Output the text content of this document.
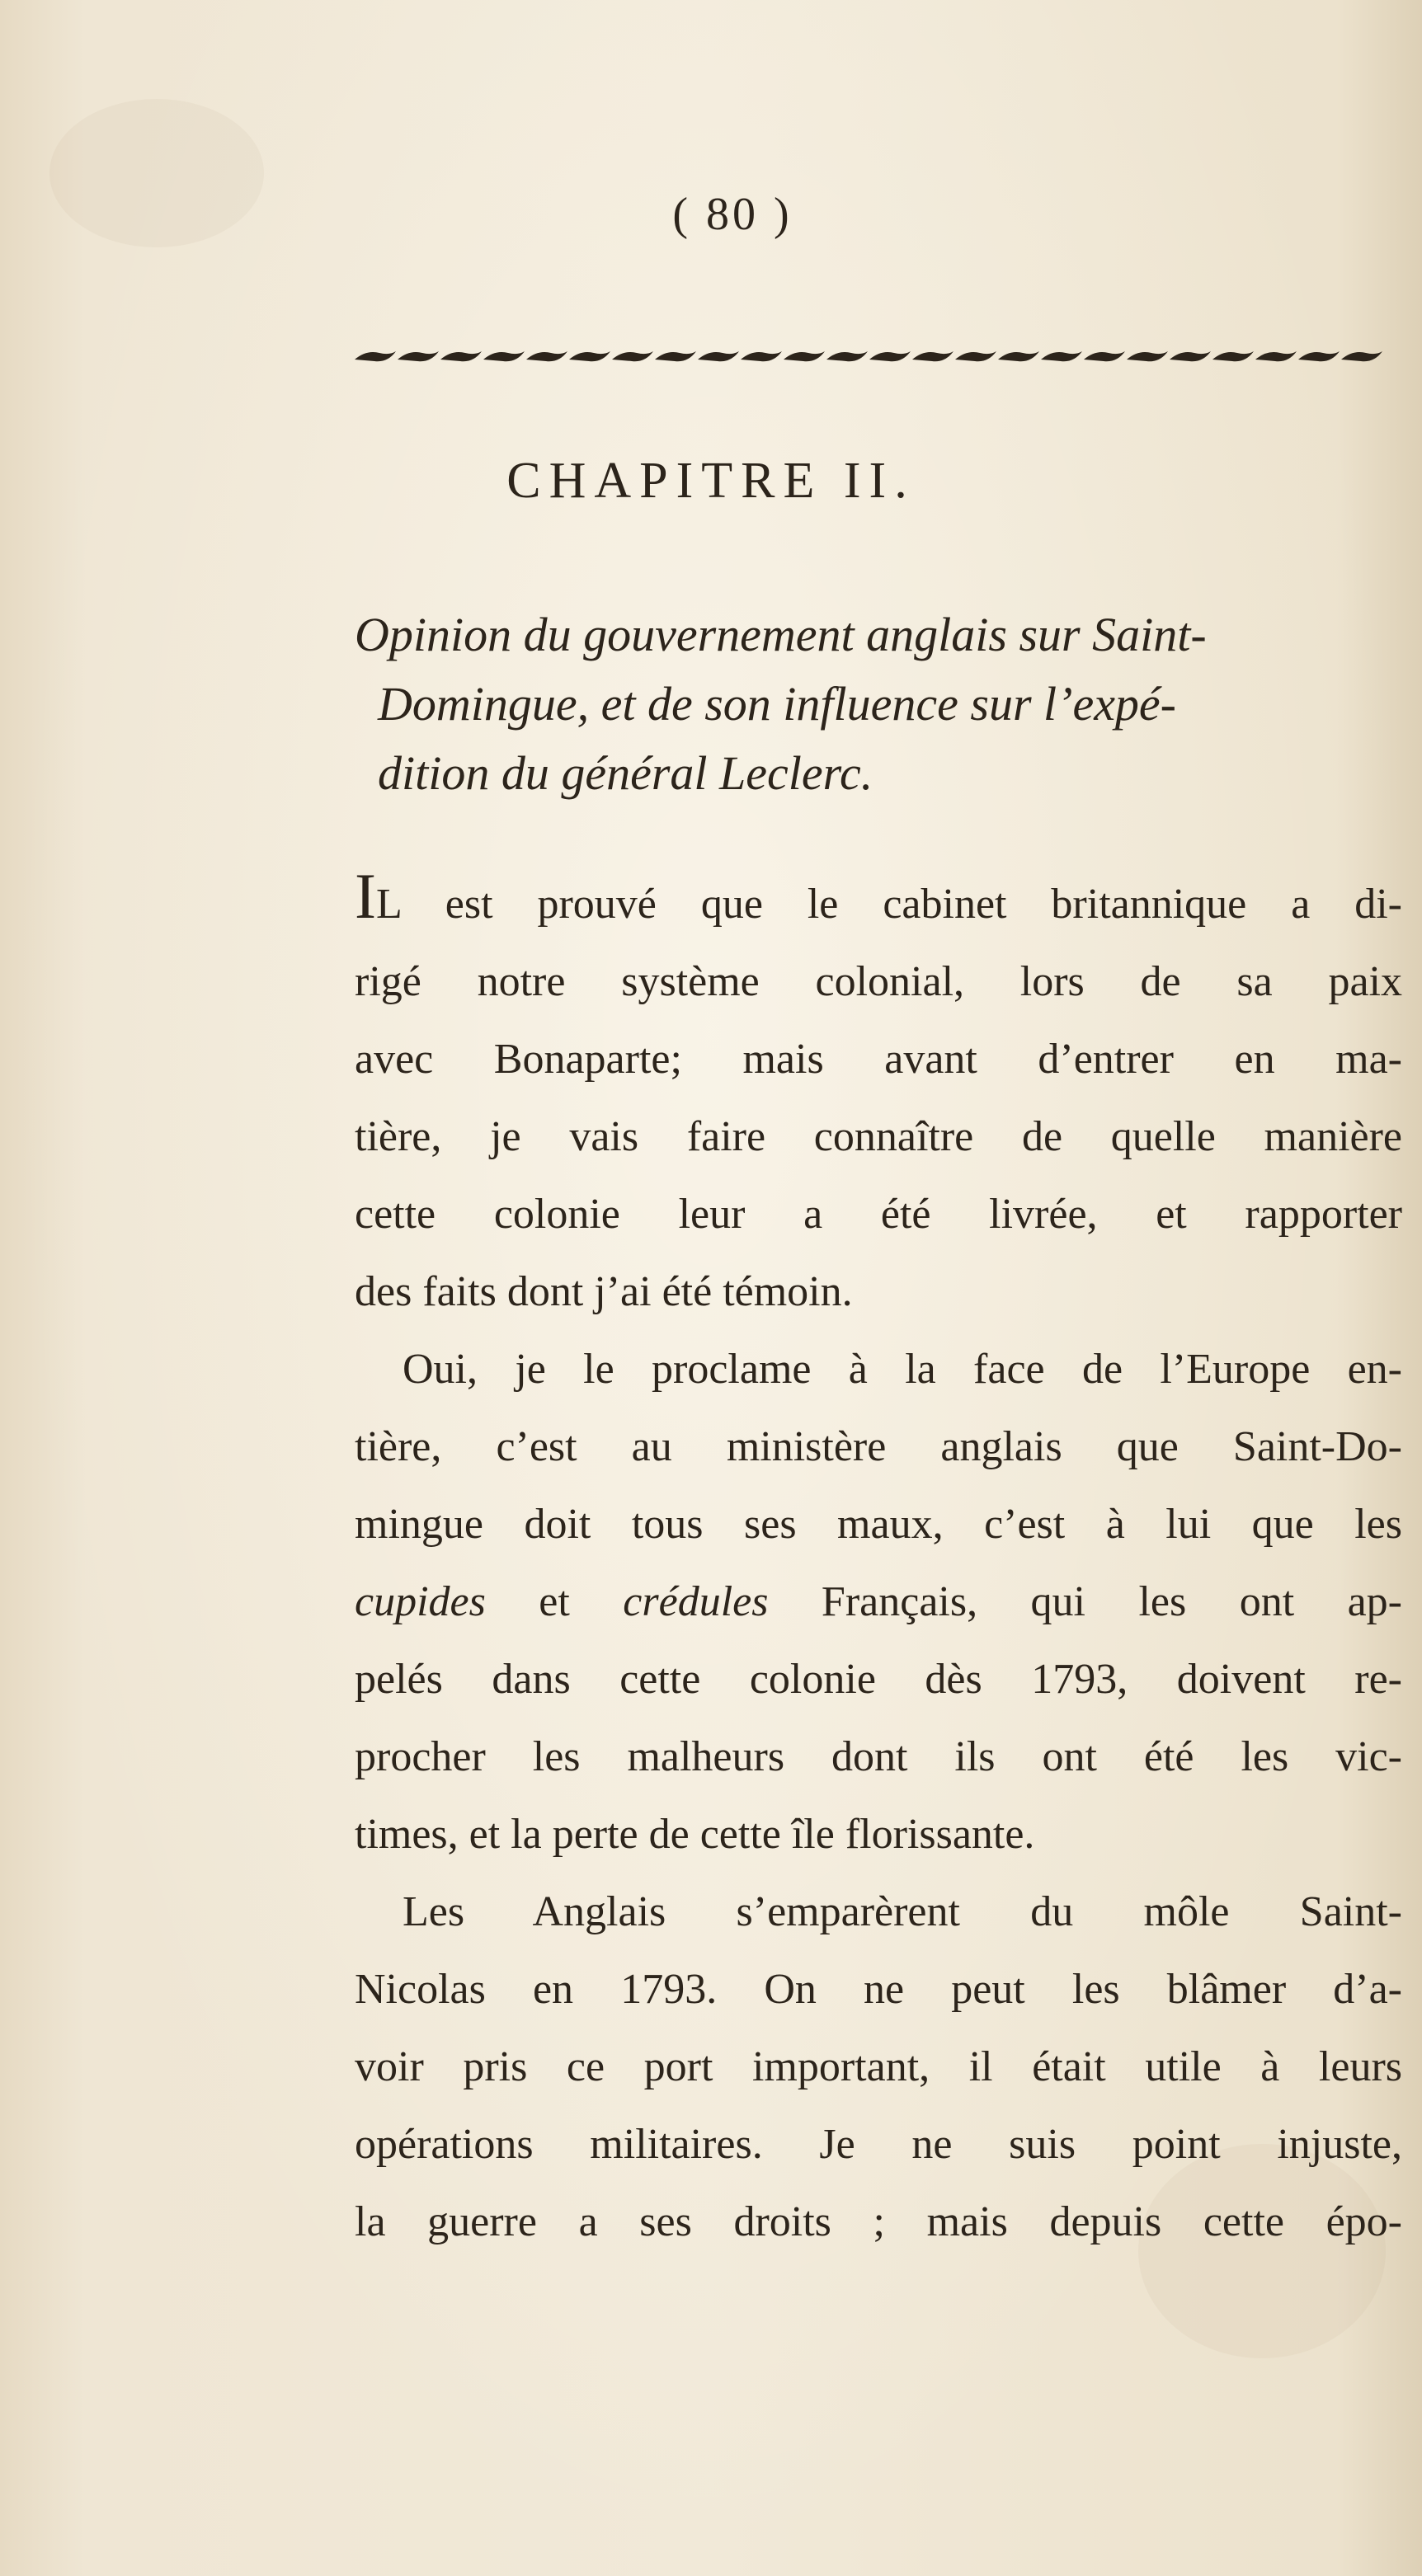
( 80 )
CHAPITRE II.
Opinion du gouvernement anglais sur Saint-
Domingue, et de son influence sur l’expé-
dition du général Leclerc.
IL est prouvé que le cabinet britannique a di-
rigé notre système colonial, lors de sa paix
avec Bonaparte; mais avant d’entrer en ma-
tière, je vais faire connaître de quelle manière
cette colonie leur a été livrée, et rapporter
des faits dont j’ai été témoin.
Oui, je le proclame à la face de l’Europe en-
tière, c’est au ministère anglais que Saint-Do-
mingue doit tous ses maux, c’est à lui que les
cupides et crédules Français, qui les ont ap-
pelés dans cette colonie dès 1793, doivent re-
procher les malheurs dont ils ont été les vic-
times, et la perte de cette île florissante.
Les Anglais s’emparèrent du môle Saint-
Nicolas en 1793. On ne peut les blâmer d’a-
voir pris ce port important, il était utile à leurs
opérations militaires. Je ne suis point injuste,
la guerre a ses droits ; mais depuis cette épo-
